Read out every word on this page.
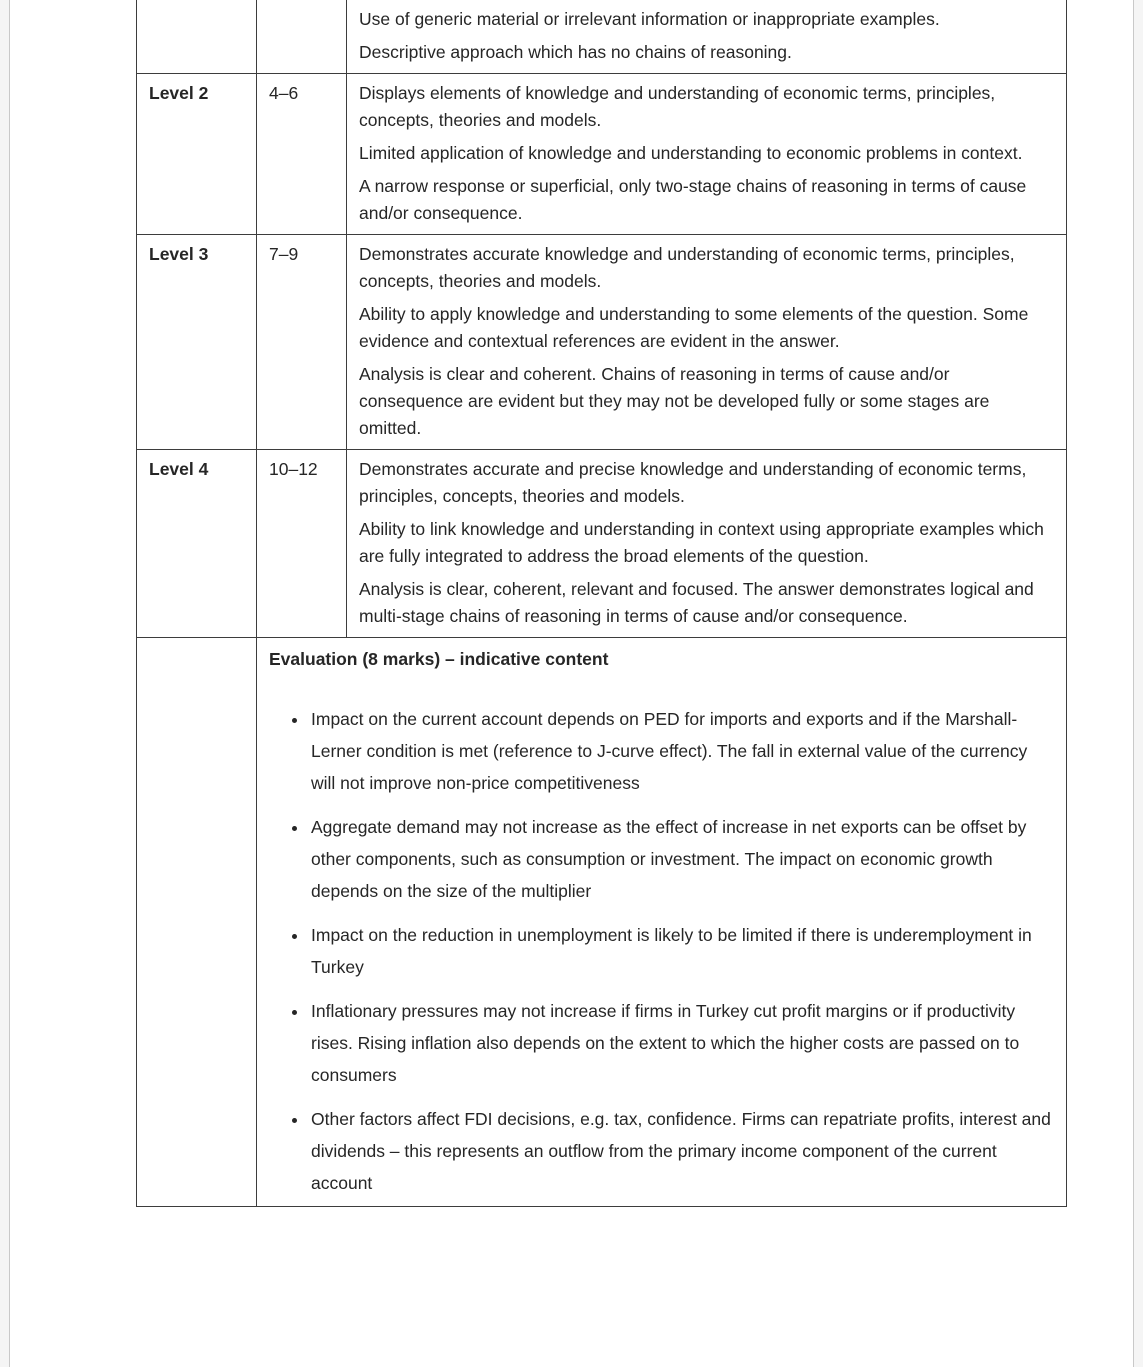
		Use of generic material or irrelevant information or inappropriate examples.

Descriptive approach which has no chains of reasoning.

Level 2	4–6	Displays elements of knowledge and understanding of economic terms, principles, concepts, theories and models.

Limited application of knowledge and understanding to economic problems in context.

A narrow response or superficial, only two-stage chains of reasoning in terms of cause and/or consequence.

Level 3	7–9	Demonstrates accurate knowledge and understanding of economic terms, principles, concepts, theories and models.

Ability to apply knowledge and understanding to some elements of the question. Some evidence and contextual references are evident in the answer.

Analysis is clear and coherent. Chains of reasoning in terms of cause and/or consequence are evident but they may not be developed fully or some stages are omitted.

Level 4	10–12	Demonstrates accurate and precise knowledge and understanding of economic terms, principles, concepts, theories and models.

Ability to link knowledge and understanding in context using appropriate examples which are fully integrated to address the broad elements of the question.

Analysis is clear, coherent, relevant and focused. The answer demonstrates logical and multi-stage chains of reasoning in terms of cause and/or consequence.

Evaluation (8 marks) – indicative content

• Impact on the current account depends on PED for imports and exports and if the Marshall-Lerner condition is met (reference to J-curve effect). The fall in external value of the currency will not improve non-price competitiveness
• Aggregate demand may not increase as the effect of increase in net exports can be offset by other components, such as consumption or investment. The impact on economic growth depends on the size of the multiplier
• Impact on the reduction in unemployment is likely to be limited if there is underemployment in Turkey
• Inflationary pressures may not increase if firms in Turkey cut profit margins or if productivity rises. Rising inflation also depends on the extent to which the higher costs are passed on to consumers
• Other factors affect FDI decisions, e.g. tax, confidence. Firms can repatriate profits, interest and dividends – this represents an outflow from the primary income component of the current account
